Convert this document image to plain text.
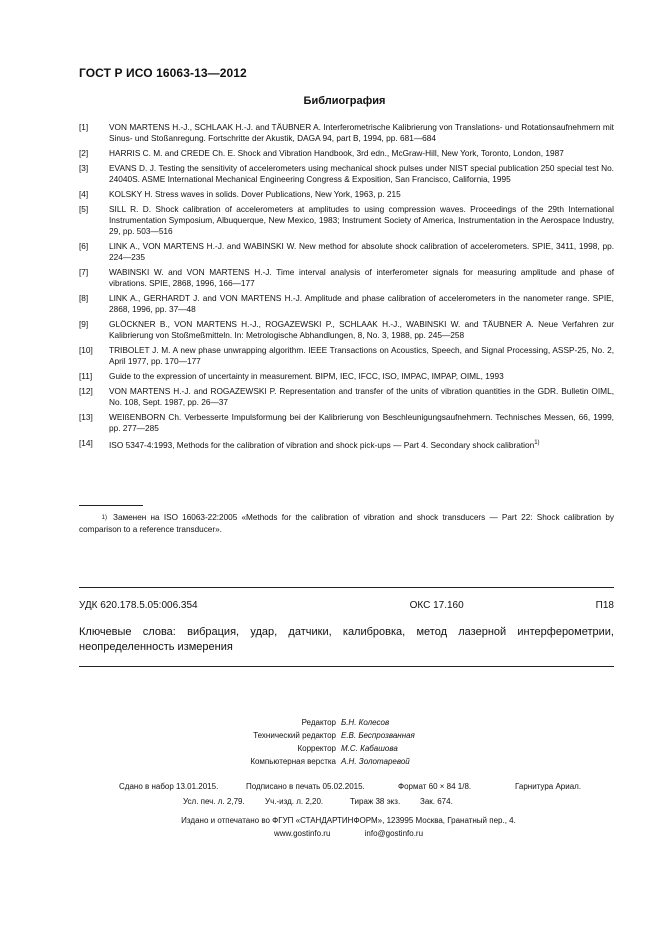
ГОСТ Р ИСО 16063-13—2012
Библиография
[1]	VON MARTENS H.-J., SCHLAAK H.-J. and TÄUBNER A. Interferometrische Kalibrierung von Translations- und Rotationsaufnehmern mit Sinus- und Stoßanregung. Fortschritte der Akustik, DAGA 94, part B, 1994, pp. 681—684
[2]	HARRIS C. M. and CREDE Ch. E. Shock and Vibration Handbook, 3rd edn., McGraw-Hill, New York, Toronto, London, 1987
[3]	EVANS D. J. Testing the sensitivity of accelerometers using mechanical shock pulses under NIST special publication 250 special test No. 24040S. ASME International Mechanical Engineering Congress & Exposition, San Francisco, California, 1995
[4]	KOLSKY H. Stress waves in solids. Dover Publications, New York, 1963, p. 215
[5]	SILL R. D. Shock calibration of accelerometers at amplitudes to using compression waves. Proceedings of the 29th International Instrumentation Symposium, Albuquerque, New Mexico, 1983; Instrument Society of America, Instrumentation in the Aerospace Industry, 29, pp. 503—516
[6]	LINK A., VON MARTENS H.-J. and WABINSKI W. New method for absolute shock calibration of accelerometers. SPIE, 3411, 1998, pp. 224—235
[7]	WABINSKI W. and VON MARTENS H.-J. Time interval analysis of interferometer signals for measuring amplitude and phase of vibrations. SPIE, 2868, 1996, 166—177
[8]	LINK A., GERHARDT J. and VON MARTENS H.-J. Amplitude and phase calibration of accelerometers in the nanometer range. SPIE, 2868, 1996, pp. 37—48
[9]	GLÖCKNER B., VON MARTENS H.-J., ROGAZEWSKI P., SCHLAAK H.-J., WABINSKI W. and TÄUBNER A. Neue Verfahren zur Kalibrierung von Stoßmeßmitteln. In: Metrologische Abhandlungen, 8, No. 3, 1988, pp. 245—258
[10]	TRIBOLET J. M. A new phase unwrapping algorithm. IEEE Transactions on Acoustics, Speech, and Signal Processing, ASSP-25, No. 2, April 1977, pp. 170—177
[11]	Guide to the expression of uncertainty in measurement. BIPM, IEC, IFCC, ISO, IMPAC, IMPAP, OIML, 1993
[12]	VON MARTENS H.-J. and ROGAZEWSKI P. Representation and transfer of the units of vibration quantities in the GDR. Bulletin OIML, No. 108, Sept. 1987, pp. 26—37
[13]	WEIßENBORN Ch. Verbesserte Impulsformung bei der Kalibrierung von Beschleunigungsaufnehmern. Technisches Messen, 66, 1999, pp. 277—285
[14]	ISO 5347-4:1993, Methods for the calibration of vibration and shock pick-ups — Part 4. Secondary shock calibration$^{1)}$
1) Заменен на ISO 16063-22:2005 «Methods for the calibration of vibration and shock transducers — Part 22: Shock calibration by comparison to a reference transducer».
УДК 620.178.5.05:006.354	ОКС 17.160	П18
Ключевые слова: вибрация, удар, датчики, калибровка, метод лазерной интерферометрии, неопределенность измерения
Редактор Б.Н. Колесов
Технический редактор Е.В. Беспрозванная
Корректор М.С. Кабашова
Компьютерная верстка А.Н. Золотаревой
Сдано в набор 13.01.2015.	Подписано в печать 05.02.2015.	Формат 60 × 84 1/8.	Гарнитура Ариал.
Усл. печ. л. 2,79.	Уч.-изд. л. 2,20.	Тираж 38 экз. Зак. 674.
Издано и отпечатано во ФГУП «СТАНДАРТИНФОРМ», 123995 Москва, Гранатный пер., 4.
www.gostinfo.ru	info@gostinfo.ru
